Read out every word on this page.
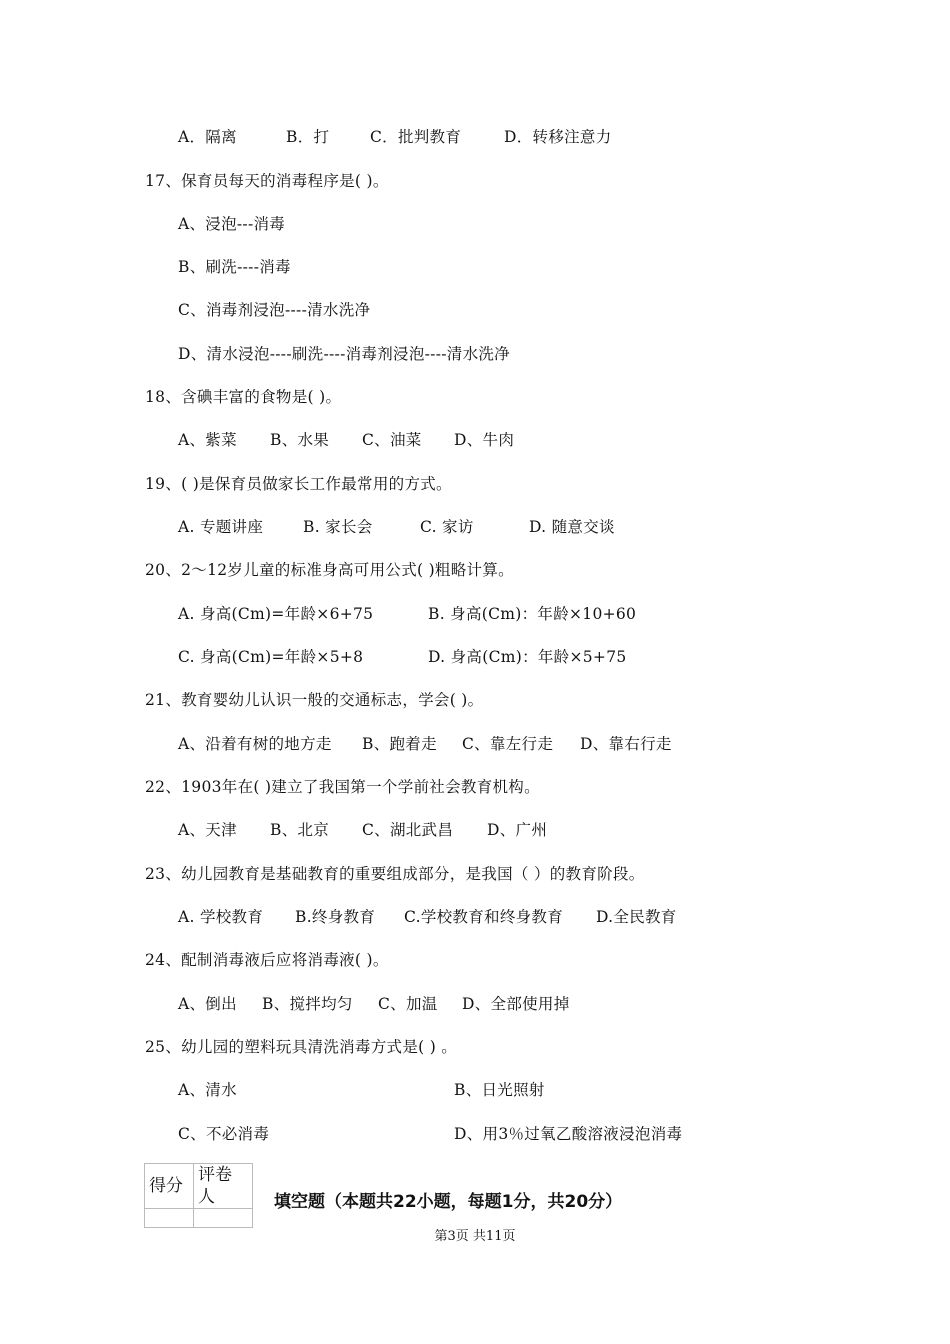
A．隔离	B．打	C．批判教育	D．转移注意力
17、保育员每天的消毒程序是( )。
A、浸泡---消毒
B、刷洗----消毒
C、消毒剂浸泡----清水洗净
D、清水浸泡----刷洗----消毒剂浸泡----清水洗净
18、含碘丰富的食物是( )。
A、紫菜 B、水果 C、油菜 D、牛肉
19、( )是保育员做家长工作最常用的方式。
A. 专题讲座	B. 家长会	C. 家访	D. 随意交谈
20、2～12岁儿童的标准身高可用公式( )粗略计算。
A. 身高(Cm)=年龄×6+75	B. 身高(Cm)：年龄×10+60
C. 身高(Cm)=年龄×5+8	D. 身高(Cm)：年龄×5+75
21、教育婴幼儿认识一般的交通标志，学会( )。
A、沿着有树的地方走 B、跑着走 C、靠左行走 D、靠右行走
22、1903年在( )建立了我国第一个学前社会教育机构。
A、天津 B、北京 C、湖北武昌 D、广州
23、幼儿园教育是基础教育的重要组成部分，是我国（ ）的教育阶段。
A. 学校教育 B.终身教育 C.学校教育和终身教育 D.全民教育
24、配制消毒液后应将消毒液( )。
A、倒出 B、搅拌均匀 C、加温 D、全部使用掉
25、幼儿园的塑料玩具清洗消毒方式是( ) 。
A、清水	B、日光照射
C、不必消毒	D、用3％过氧乙酸溶液浸泡消毒
得分	评卷人
		填空题（本题共22小题，每题1分，共20分）
第3页 共11页
